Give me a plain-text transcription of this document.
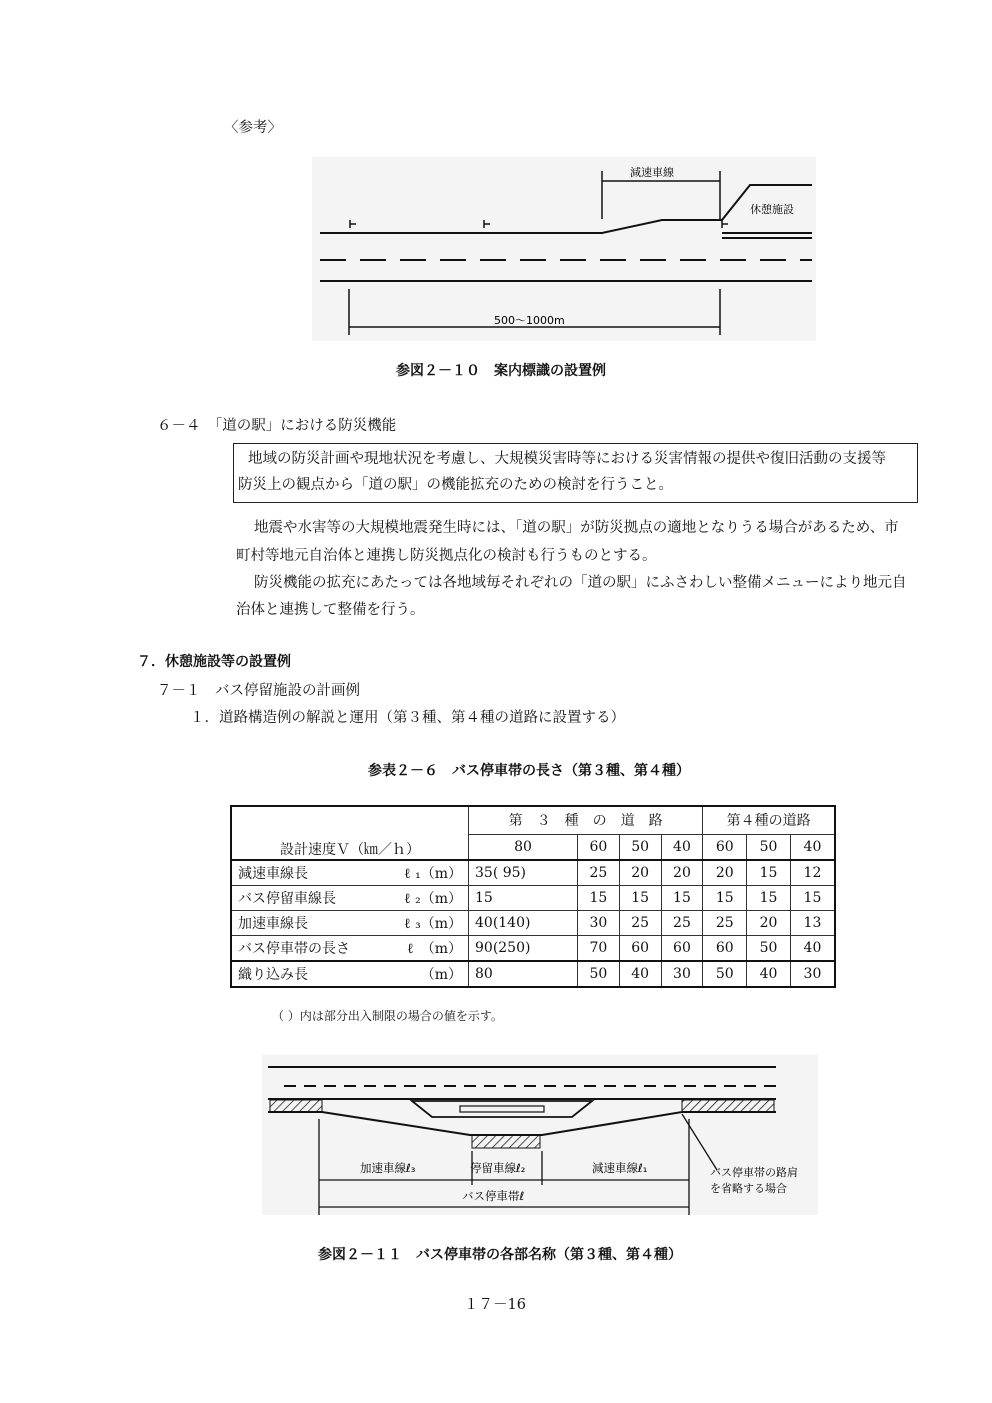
〈参考〉
減速車線
休憩施設
500〜1000m
参図２－１０　案内標識の設置例
６－４　「道の駅」における防災機能
地域の防災計画や現地状況を考慮し、大規模災害時等における災害情報の提供や復旧活動の支援等
防災上の観点から「道の駅」の機能拡充のための検討を行うこと。
地震や水害等の大規模地震発生時には、「道の駅」が防災拠点の適地となりうる場合があるため、市
町村等地元自治体と連携し防災拠点化の検討も行うものとする。
防災機能の拡充にあたっては各地域毎それぞれの「道の駅」にふさわしい整備メニューにより地元自
治体と連携して整備を行う。
７．休憩施設等の設置例
７－１　バス停留施設の計画例
１．道路構造例の解説と運用（第３種、第４種の道路に設置する）
参表２－６　バス停車帯の長さ（第３種、第４種）
設計速度Ｖ（㎞／ｈ）	第　３　種　の　道　路				第４種の道路		
	80	60	50	40	60	50	40
減速車線長 ℓ ₁（m）	35( 95)	25	20	20	20	15	12
バス停留車線長 ℓ ₂（m）	15	15	15	15	15	15	15
加速車線長 ℓ ₃（m）	40(140)	30	25	25	25	20	13
バス停車帯の長さ ℓ　（m）	90(250)	70	60	60	60	50	40
織り込み長 （m）	80	50	40	30	50	40	30
（ ）内は部分出入制限の場合の値を示す。
加速車線ℓ₃	停留車線ℓ₂	減速車線ℓ₁
バス停車帯ℓ
バス停車帯の路肩
を省略する場合
参図２－１１　バス停車帯の各部名称（第３種、第４種）
１７－16
